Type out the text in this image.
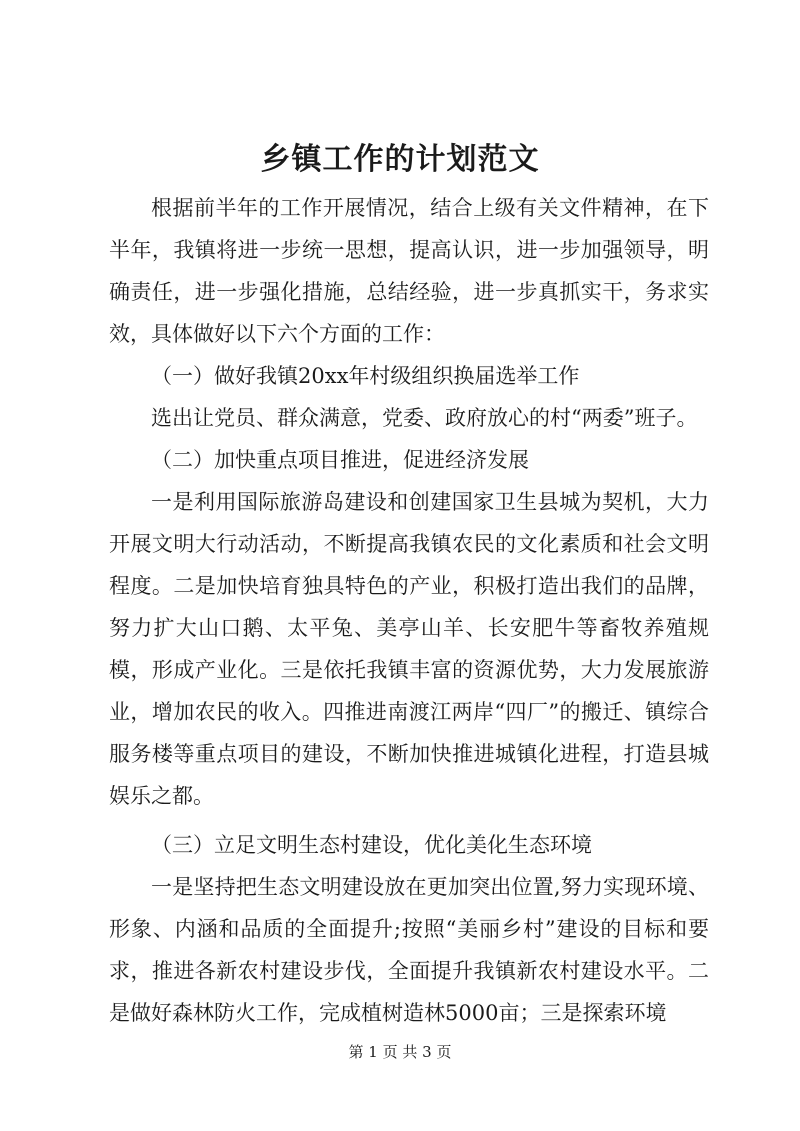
乡镇工作的计划范文

根据前半年的工作开展情况，结合上级有关文件精神，在下半年，我镇将进一步统一思想，提高认识，进一步加强领导，明确责任，进一步强化措施，总结经验，进一步真抓实干，务求实效，具体做好以下六个方面的工作：

（一）做好我镇20xx年村级组织换届选举工作

选出让党员、群众满意，党委、政府放心的村“两委”班子。

（二）加快重点项目推进，促进经济发展

一是利用国际旅游岛建设和创建国家卫生县城为契机，大力开展文明大行动活动，不断提高我镇农民的文化素质和社会文明程度。二是加快培育独具特色的产业，积极打造出我们的品牌，努力扩大山口鹅、太平兔、美亭山羊、长安肥牛等畜牧养殖规模，形成产业化。三是依托我镇丰富的资源优势，大力发展旅游业，增加农民的收入。四推进南渡江两岸“四厂”的搬迁、镇综合服务楼等重点项目的建设，不断加快推进城镇化进程，打造县城娱乐之都。

（三）立足文明生态村建设，优化美化生态环境

一是坚持把生态文明建设放在更加突出位置,努力实现环境、形象、内涵和品质的全面提升;按照“美丽乡村”建设的目标和要求，推进各新农村建设步伐，全面提升我镇新农村建设水平。二是做好森林防火工作，完成植树造林5000亩；三是探索环境

第 1 页 共 3 页
